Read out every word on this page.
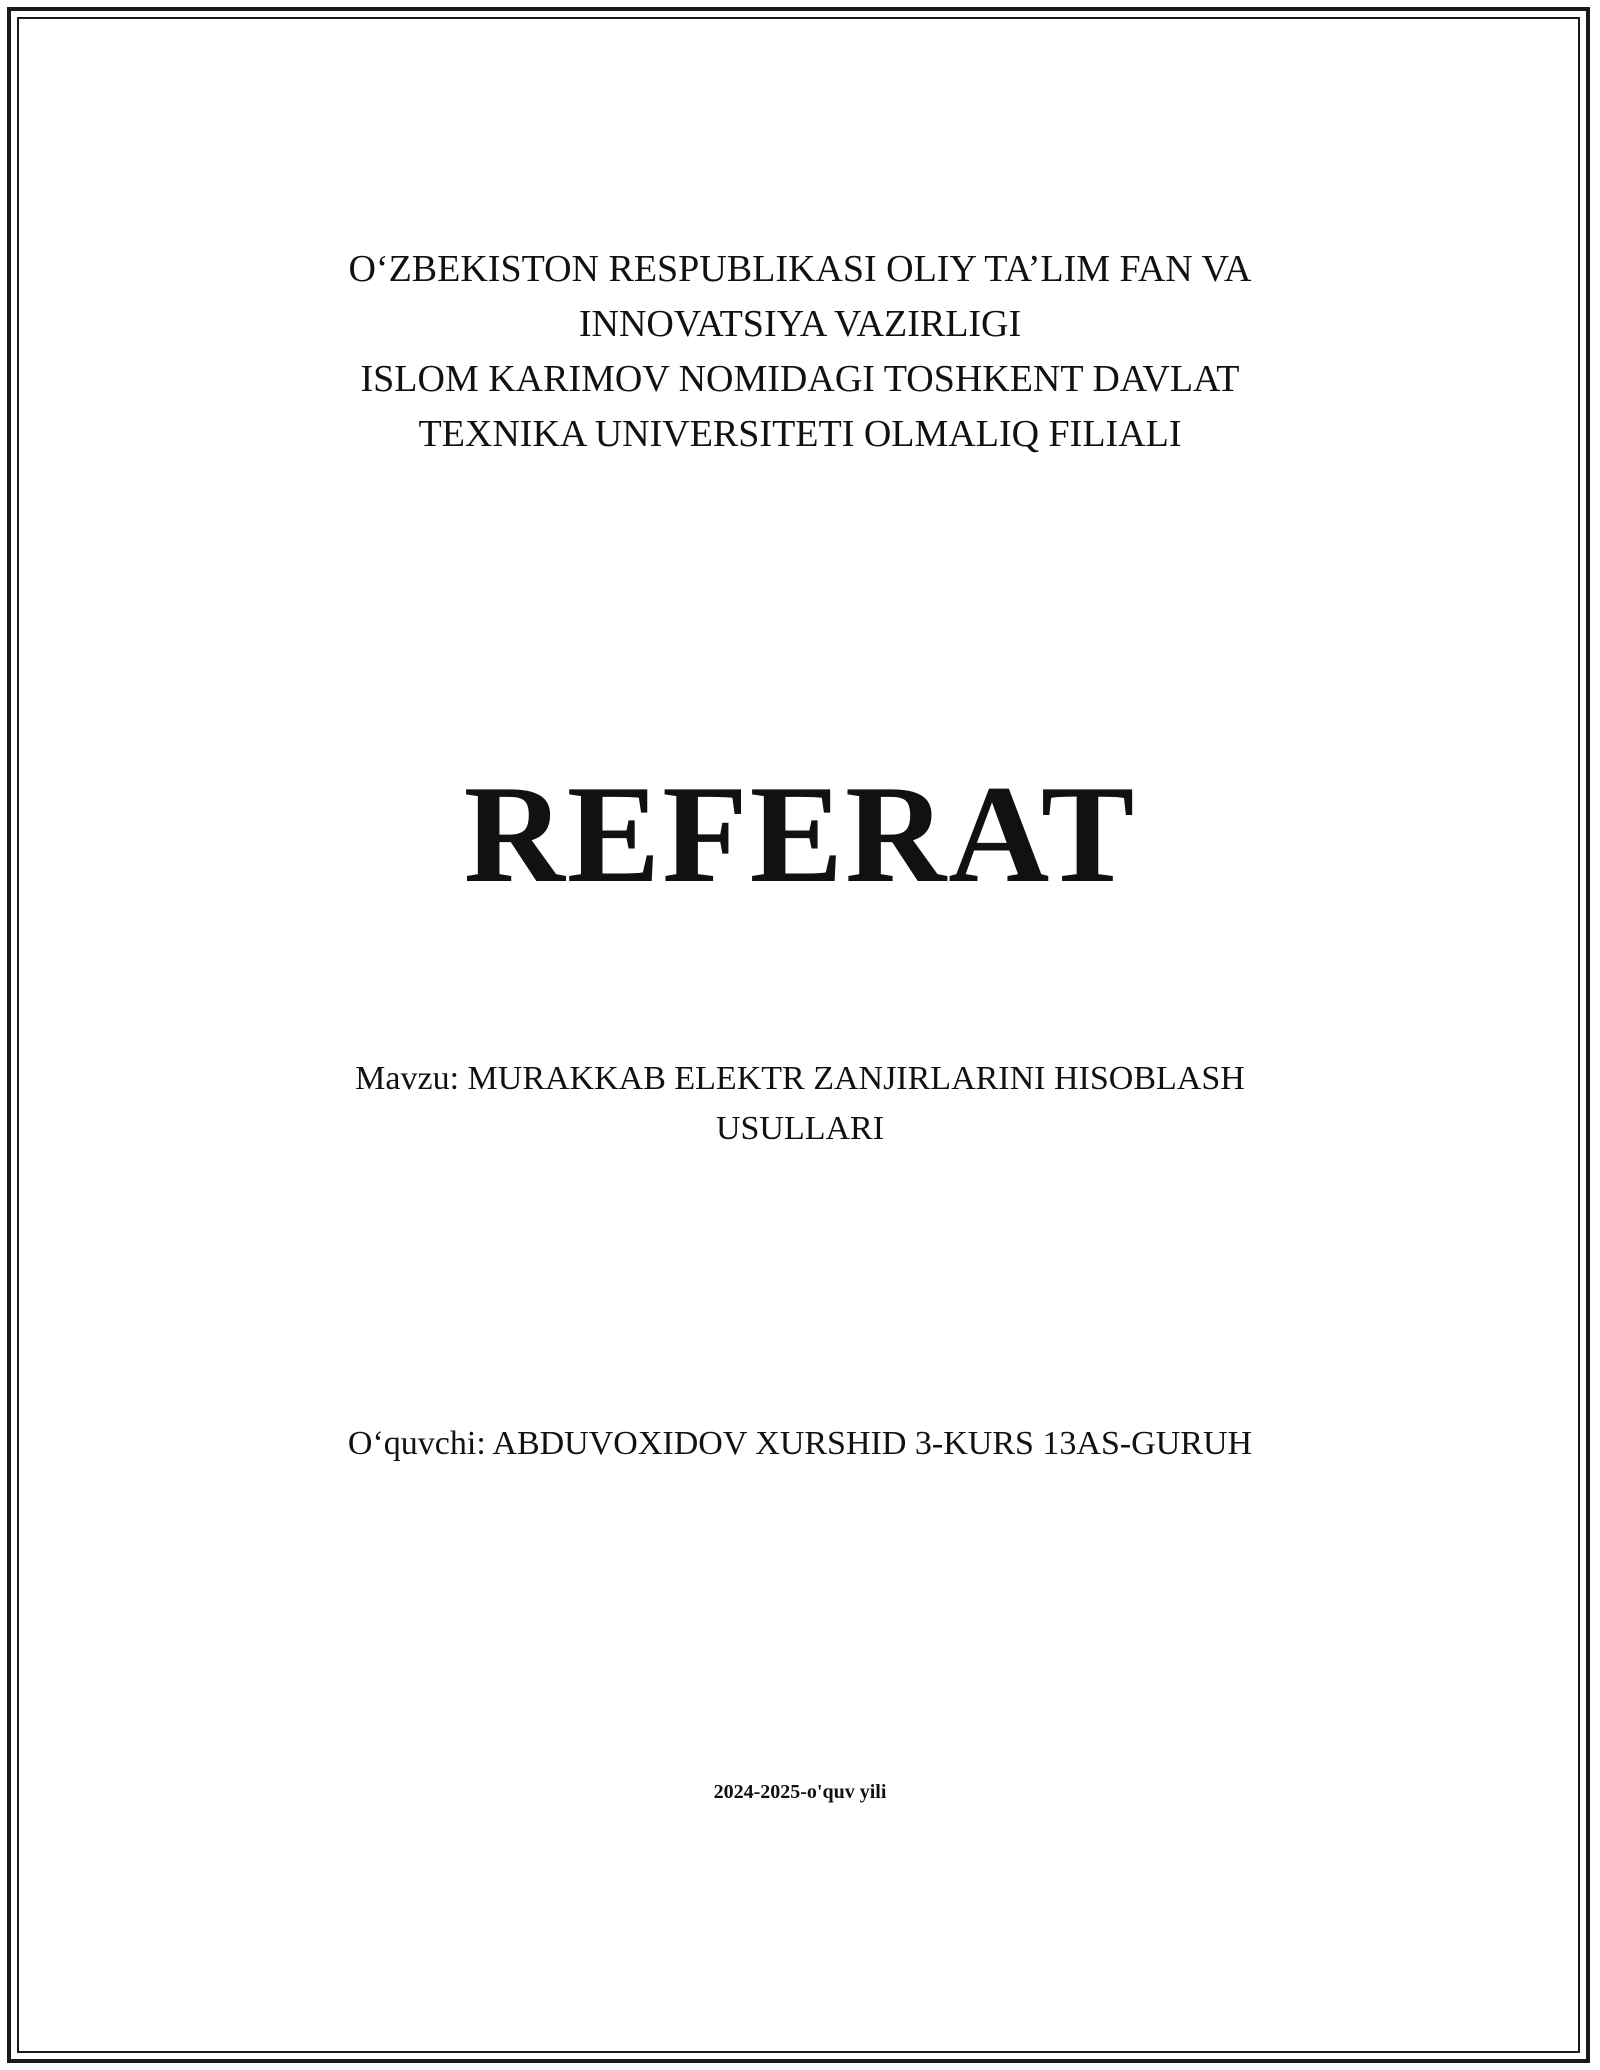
O‘ZBEKISTON RESPUBLIKASI OLIY TA’LIM FAN VA
INNOVATSIYA VAZIRLIGI
ISLOM KARIMOV NOMIDAGI TOSHKENT DAVLAT
TEXNIKA UNIVERSITETI OLMALIQ FILIALI
REFERAT
Mavzu: MURAKKAB ELEKTR ZANJIRLARINI HISOBLASH
USULLARI
O‘quvchi: ABDUVOXIDOV XURSHID 3-KURS 13AS-GURUH
2024-2025-o'quv yili
